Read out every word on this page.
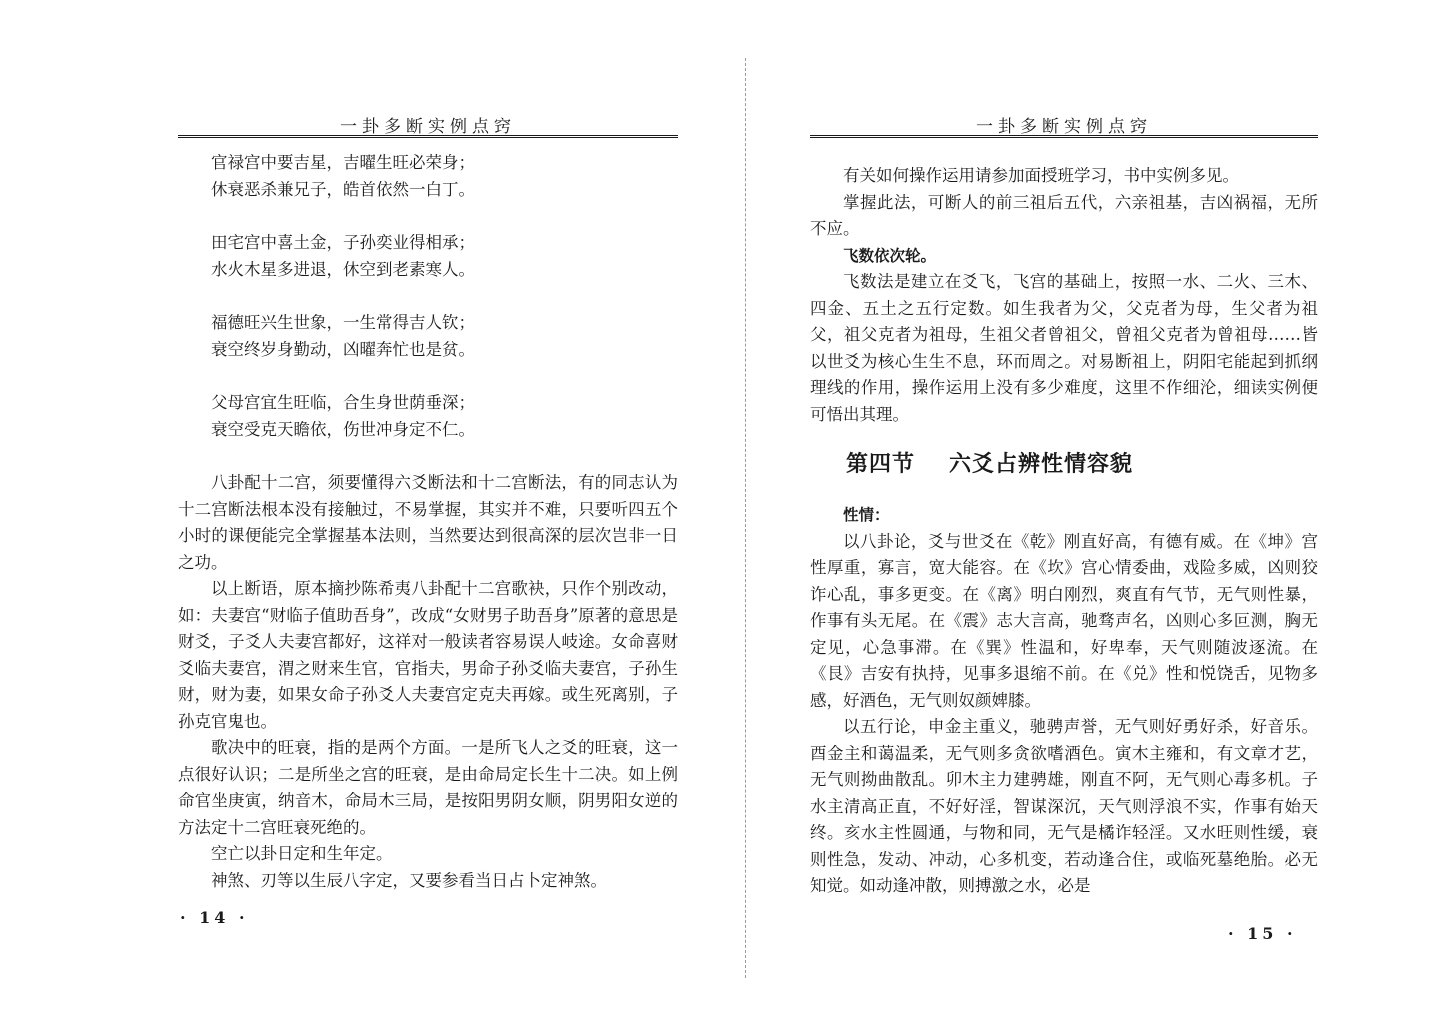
一卦多断实例点窍

官禄宫中要吉星，吉曜生旺必荣身；

休衰恶杀兼兄子，皓首依然一白丁。

田宅宫中喜土金，子孙奕业得相承；

水火木星多进退，休空到老素寒人。

福德旺兴生世象，一生常得吉人钦；

衰空终岁身勤动，凶曜奔忙也是贫。

父母宫宜生旺临，合生身世荫垂深；

衰空受克天瞻依，伤世冲身定不仁。

八卦配十二宫，须要懂得六爻断法和十二宫断法，有的同志认为十二宫断法根本没有接触过，不易掌握，其实并不难，只要听四五个小时的课便能完全掌握基本法则，当然要达到很高深的层次岂非一日之功。

以上断语，原本摘抄陈希夷八卦配十二宫歌袂，只作个别改动，如：夫妻宫“财临子值助吾身”，改成“女财男子助吾身”原著的意思是财爻，子爻人夫妻宫都好，这祥对一般读者容易误人岐途。女命喜财爻临夫妻宫，渭之财来生官，官指夫，男命子孙爻临夫妻宫，子孙生财，财为妻，如果女命子孙爻人夫妻宫定克夫再嫁。或生死离别，子孙克官鬼也。

歌决中的旺衰，指的是两个方面。一是所飞人之爻的旺衰，这一点很好认识；二是所坐之宫的旺衰，是由命局定长生十二决。如上例命官坐庚寅，纳音木，命局木三局，是按阳男阴女顺，阴男阳女逆的方法定十二宫旺衰死绝的。

空亡以卦日定和生年定。

神煞、刃等以生辰八字定，又要参看当日占卜定神煞。

· 14 ·
一卦多断实例点窍

有关如何操作运用请参加面授班学习，书中实例多见。

掌握此法，可断人的前三祖后五代，六亲祖基，吉凶祸福，无所不应。

飞数依次轮。

飞数法是建立在爻飞，飞宫的基础上，按照一水、二火、三木、四金、五土之五行定数。如生我者为父，父克者为母，生父者为祖父，祖父克者为祖母，生祖父者曾祖父，曾祖父克者为曾祖母……皆以世爻为核心生生不息，环而周之。对易断祖上，阴阳宅能起到抓纲理线的作用，操作运用上没有多少难度，这里不作细沦，细读实例便可悟出其理。

第四节 六爻占辨性情容貌

性情：

以八卦论，爻与世爻在《乾》刚直好高，有德有威。在《坤》宫性厚重，寡言，宽大能容。在《坎》宫心情委曲，戏险多威，凶则狡诈心乱，事多更变。在《离》明白刚烈，爽直有气节，无气则性暴，作事有头无尾。在《震》志大言高，驰骛声名，凶则心多叵测，胸无定见，心急事滞。在《巽》性温和，好卑奉，天气则随波逐流。在《艮》吉安有执持，见事多退缩不前。在《兑》性和悦饶舌，见物多感，好酒色，无气则奴颜婢膝。

以五行论，申金主重义，驰骋声誉，无气则好勇好杀，好音乐。酉金主和蔼温柔，无气则多贪欲嗜酒色。寅木主雍和，有文章才艺，无气则拗曲散乱。卯木主力建骋雄，刚直不阿，无气则心毒多机。子水主清高正直，不好好淫，智谋深沉，天气则浮浪不实，作事有始天终。亥水主性圆通，与物和同，无气是橘诈轻淫。又水旺则性缓，衰则性急，发动、冲动，心多机变，若动逢合住，或临死墓绝胎。必无知觉。如动逢冲散，则搏激之水，必是

· 15 ·
